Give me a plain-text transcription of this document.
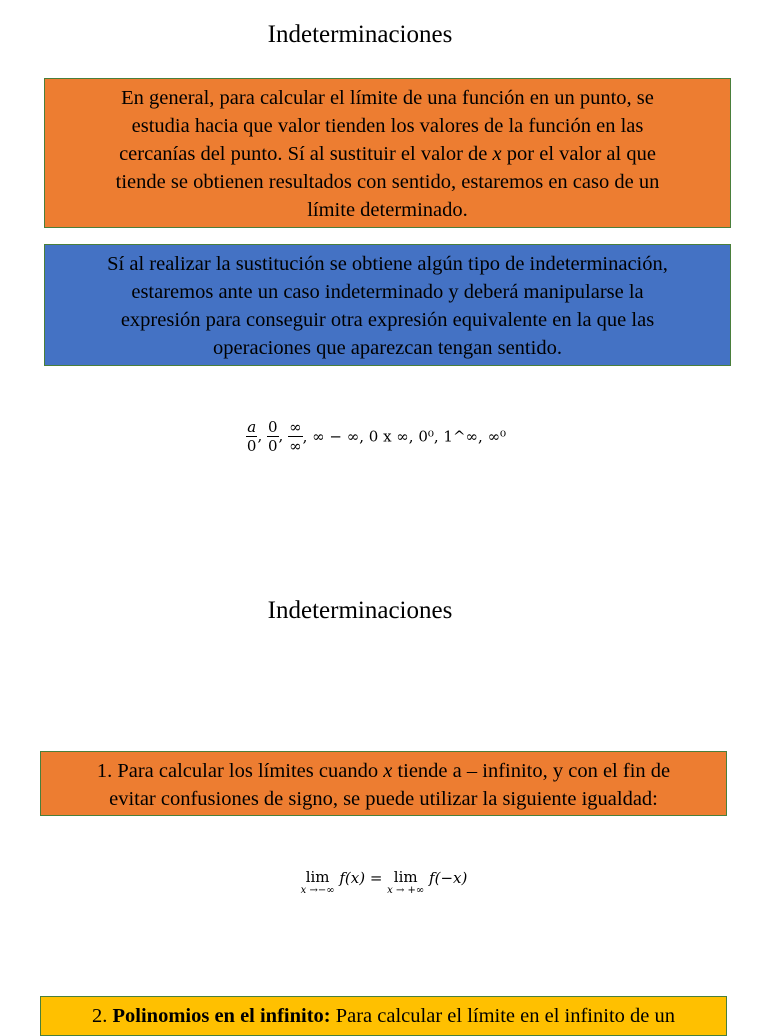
Indeterminaciones
En general, para calcular el límite de una función en un punto, se
estudia hacia que valor tienden los valores de la función en las
cercanías del punto. Sí al sustituir el valor de x por el valor al que
tiende se obtienen resultados con sentido, estaremos en caso de un
límite determinado.
Sí al realizar la sustitución se obtiene algún tipo de indeterminación,
estaremos ante un caso indeterminado y deberá manipularse la
expresión para conseguir otra expresión equivalente en la que las
operaciones que aparezcan tengan sentido.
$\frac{a}{0}$ , $\frac{0}{0}$ , $\frac{\infty}{\infty}$ , ∞ − ∞, 0 x ∞, 0⁰, 1^∞, ∞⁰
Indeterminaciones
1. Para calcular los límites cuando x tiende a – infinito, y con el fin de
evitar confusiones de signo, se puede utilizar la siguiente igualdad:
lim
x →−∞
f(x) = lim
x → +∞
f(−x)
2. Polinomios en el infinito: Para calcular el límite en el infinito de un
